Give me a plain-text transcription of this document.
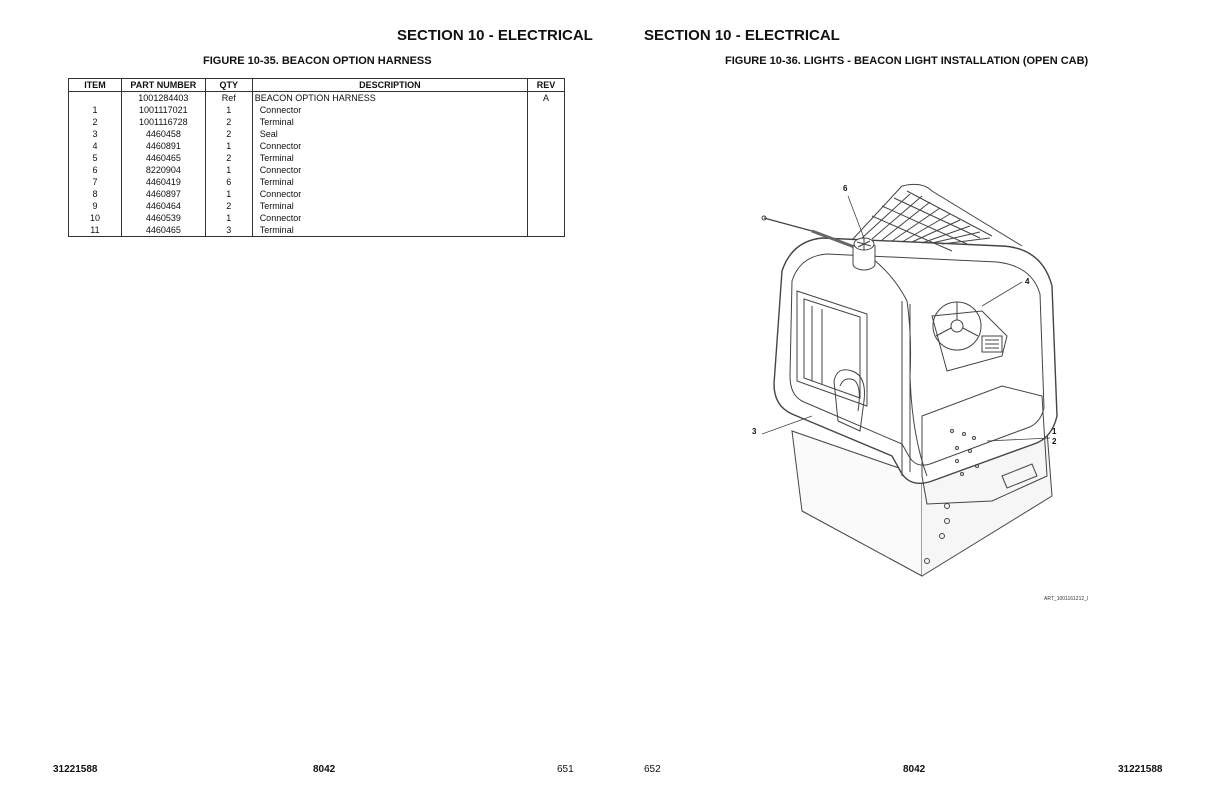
SECTION 10 - ELECTRICAL
FIGURE 10-35. BEACON OPTION HARNESS
ITEM	PART NUMBER	QTY	DESCRIPTION	REV
	1001284403	Ref	BEACON OPTION HARNESS	A
1	1001117021	1	Connector	
2	1001116728	2	Terminal	
3	4460458	2	Seal	
4	4460891	1	Connector	
5	4460465	2	Terminal	
6	8220904	1	Connector	
7	4460419	6	Terminal	
8	4460897	1	Connector	
9	4460464	2	Terminal	
10	4460539	1	Connector	
11	4460465	3	Terminal	
31221588	8042	651
SECTION 10 - ELECTRICAL
FIGURE 10-36. LIGHTS - BEACON LIGHT INSTALLATION (OPEN CAB)
6
4
3	1
2
ART_1001161212_I
652	8042	31221588
